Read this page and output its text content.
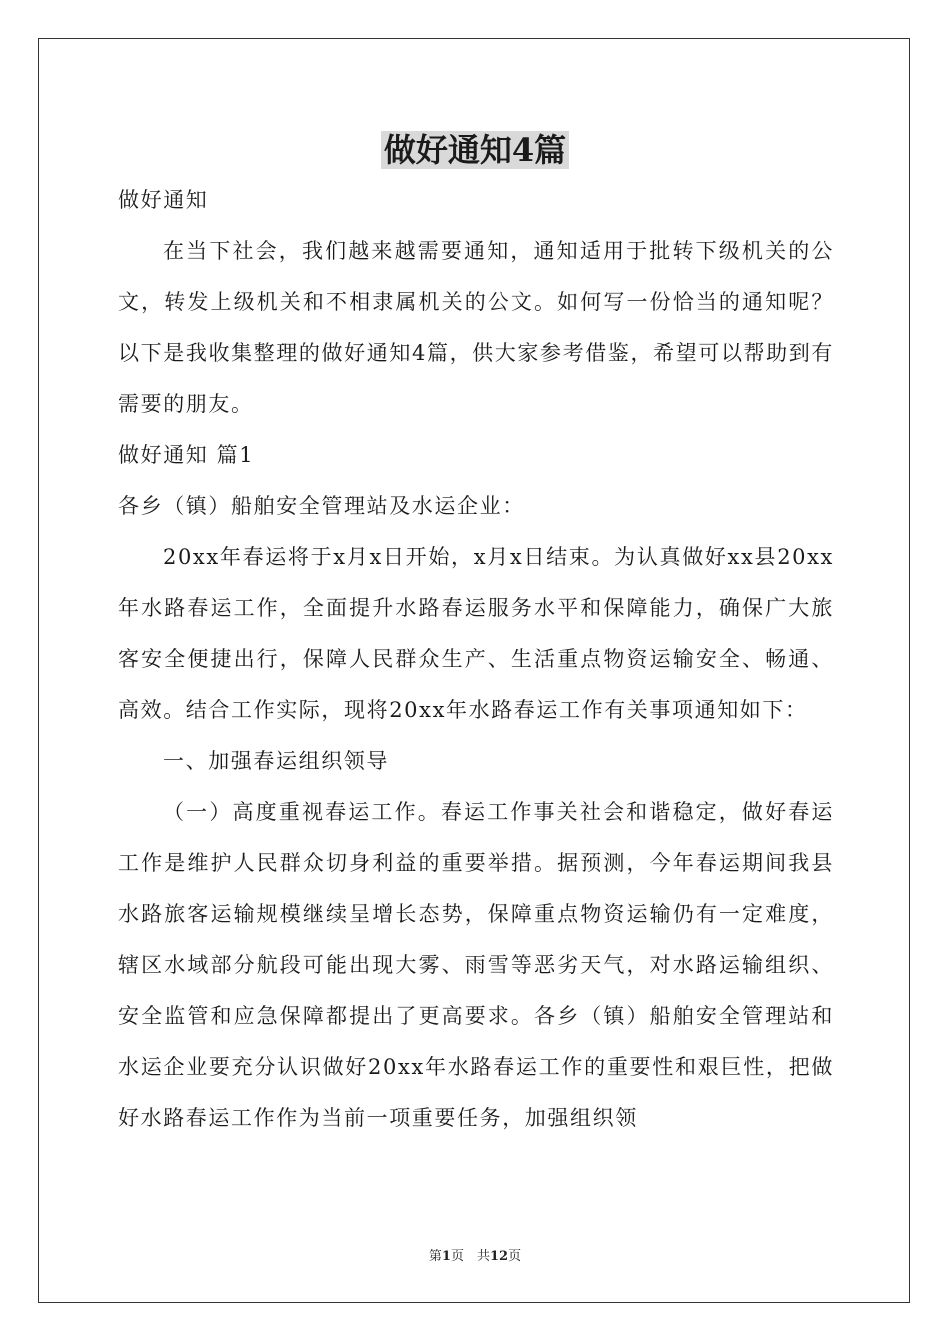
做好通知4篇

做好通知

在当下社会，我们越来越需要通知，通知适用于批转下级机关的公文，转发上级机关和不相隶属机关的公文。如何写一份恰当的通知呢？以下是我收集整理的做好通知4篇，供大家参考借鉴，希望可以帮助到有需要的朋友。

做好通知 篇1

各乡（镇）船舶安全管理站及水运企业：

20xx年春运将于x月x日开始，x月x日结束。为认真做好xx县20xx年水路春运工作，全面提升水路春运服务水平和保障能力，确保广大旅客安全便捷出行，保障人民群众生产、生活重点物资运输安全、畅通、高效。结合工作实际，现将20xx年水路春运工作有关事项通知如下：

一、加强春运组织领导

（一）高度重视春运工作。春运工作事关社会和谐稳定，做好春运工作是维护人民群众切身利益的重要举措。据预测，今年春运期间我县水路旅客运输规模继续呈增长态势，保障重点物资运输仍有一定难度，辖区水域部分航段可能出现大雾、雨雪等恶劣天气，对水路运输组织、安全监管和应急保障都提出了更高要求。各乡（镇）船舶安全管理站和水运企业要充分认识做好20xx年水路春运工作的重要性和艰巨性，把做好水路春运工作作为当前一项重要任务，加强组织领

第1页　共12页
